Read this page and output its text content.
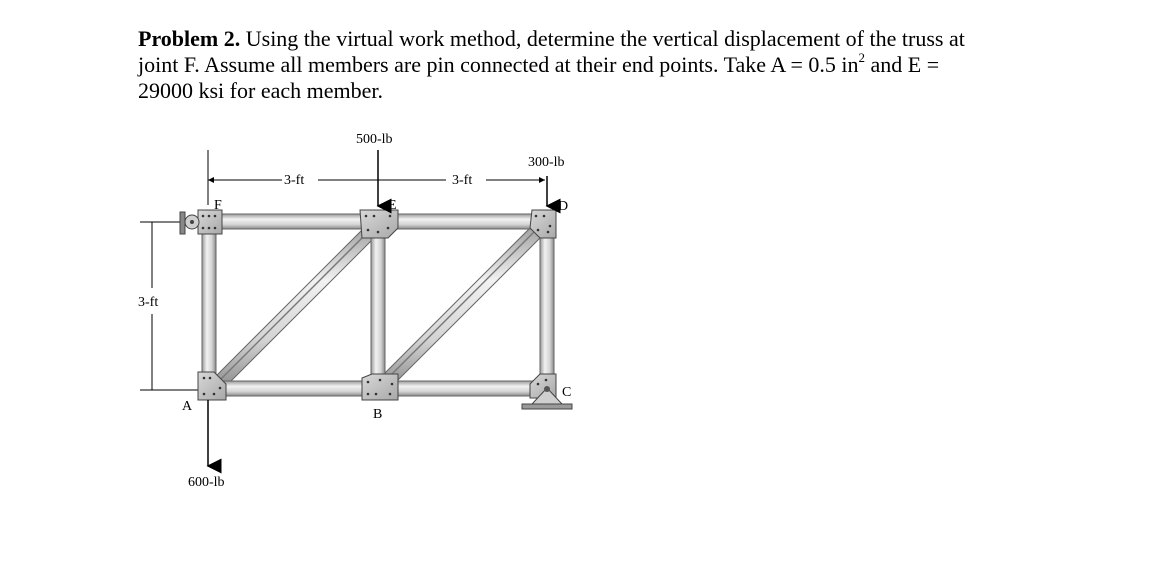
Problem 2. Using the virtual work method, determine the vertical displacement of the truss at
joint F. Assume all members are pin connected at their end points. Take A = 0.5 $in^2$ and E =
29000 ksi for each member.
3-ft	3-ft
3-ft
500-lb
300-lb
600-lb
F	E	D
A
B
C
